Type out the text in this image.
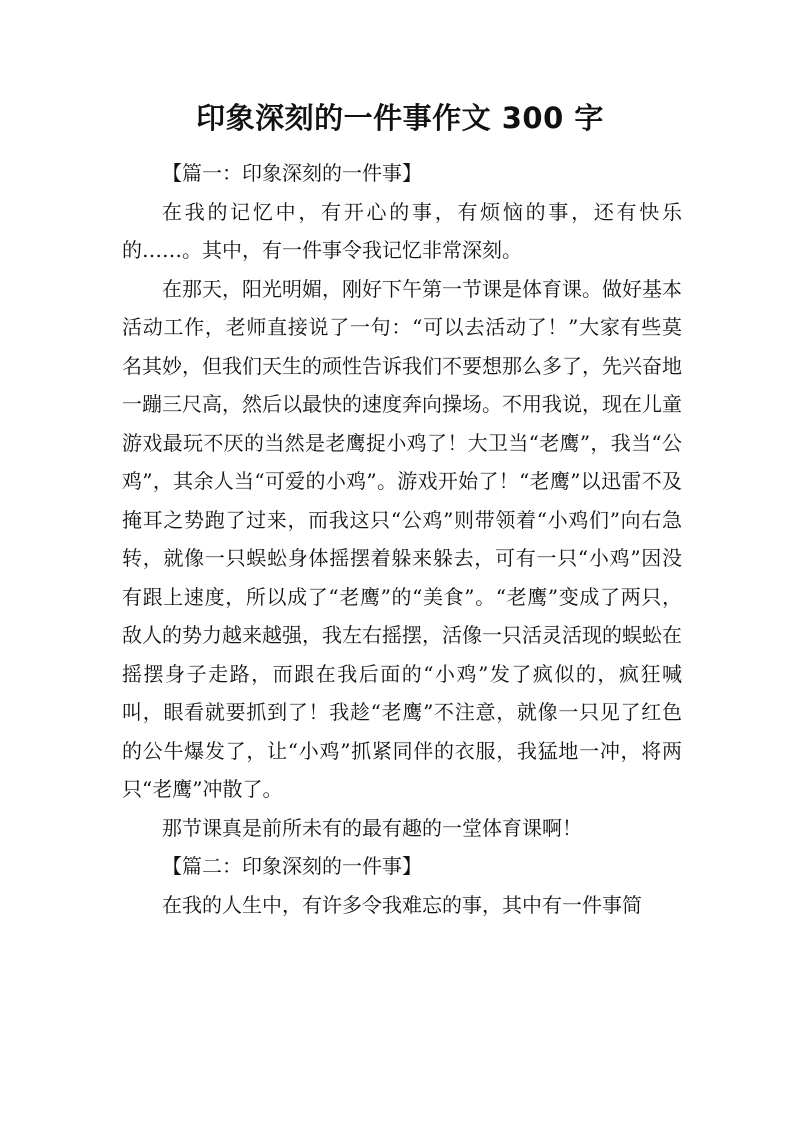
印象深刻的一件事作文 300 字

【篇一：印象深刻的一件事】

在我的记忆中，有开心的事，有烦恼的事，还有快乐的……。其中，有一件事令我记忆非常深刻。

在那天，阳光明媚，刚好下午第一节课是体育课。做好基本活动工作，老师直接说了一句：“可以去活动了！”大家有些莫名其妙，但我们天生的顽性告诉我们不要想那么多了，先兴奋地一蹦三尺高，然后以最快的速度奔向操场。不用我说，现在儿童游戏最玩不厌的当然是老鹰捉小鸡了！大卫当“老鹰”，我当“公鸡”，其余人当“可爱的小鸡”。游戏开始了！“老鹰”以迅雷不及掩耳之势跑了过来，而我这只“公鸡”则带领着“小鸡们”向右急转，就像一只蜈蚣身体摇摆着躲来躲去，可有一只“小鸡”因没有跟上速度，所以成了“老鹰”的“美食”。“老鹰”变成了两只，敌人的势力越来越强，我左右摇摆，活像一只活灵活现的蜈蚣在摇摆身子走路，而跟在我后面的“小鸡”发了疯似的，疯狂喊叫，眼看就要抓到了！我趁“老鹰”不注意，就像一只见了红色的公牛爆发了，让“小鸡”抓紧同伴的衣服，我猛地一冲，将两只“老鹰”冲散了。

那节课真是前所未有的最有趣的一堂体育课啊！

【篇二：印象深刻的一件事】

在我的人生中，有许多令我难忘的事，其中有一件事简
